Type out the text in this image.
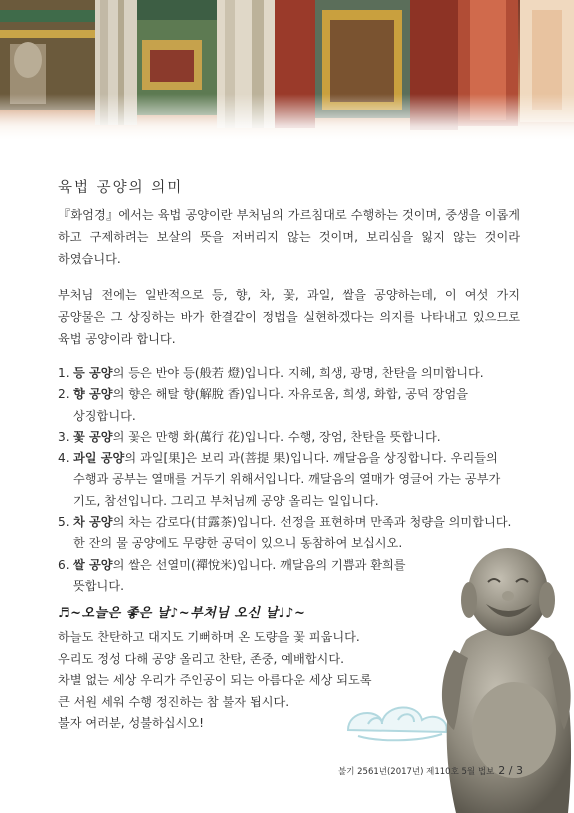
육법 공양의 의미

『화엄경』에서는 육법 공양이란 부처님의 가르침대로 수행하는 것이며, 중생을 이롭게 하고 구제하려는 보살의 뜻을 저버리지 않는 것이며, 보리심을 잃지 않는 것이라 하였습니다.

부처님 전에는 일반적으로 등, 향, 차, 꽃, 과일, 쌀을 공양하는데, 이 여섯 가지 공양물은 그 상징하는 바가 한결같이 정법을 실현하겠다는 의지를 나타내고 있으므로 육법 공양이라 합니다.

1. 등 공양의 등은 반야 등(般若 燈)입니다. 지혜, 희생, 광명, 찬탄을 의미합니다.
2. 향 공양의 향은 해탈 향(解脫 香)입니다. 자유로움, 희생, 화합, 공덕 장엄을 상징합니다.
3. 꽃 공양의 꽃은 만행 화(萬行 花)입니다. 수행, 장엄, 찬탄을 뜻합니다.
4. 과일 공양의 과일[果]은 보리 과(菩提 果)입니다. 깨달음을 상징합니다. 우리들의 수행과 공부는 열매를 거두기 위해서입니다. 깨달음의 열매가 영글어 가는 공부가 기도, 참선입니다. 그리고 부처님께 공양 올리는 일입니다.
5. 차 공양의 차는 감로다(甘露茶)입니다. 선정을 표현하며 만족과 청량을 의미합니다. 한 잔의 물 공양에도 무량한 공덕이 있으니 동참하여 보십시오.
6. 쌀 공양의 쌀은 선열미(禪悅米)입니다. 깨달음의 기쁨과 환희를 뜻합니다.
♬~오늘은 좋은 날♪~부처님 오신 날♩♪~
하늘도 찬탄하고 대지도 기뻐하며 온 도량을 꽃 피웁니다.
우리도 정성 다해 공양 올리고 찬탄, 존중, 예배합시다.
차별 없는 세상 우리가 주인공이 되는 아름다운 세상 되도록
큰 서원 세워 수행 정진하는 참 불자 됩시다.
불자 여러분, 성불하십시오!
불기 2561년(2017년) 제110호 5월 법보 2 / 3
